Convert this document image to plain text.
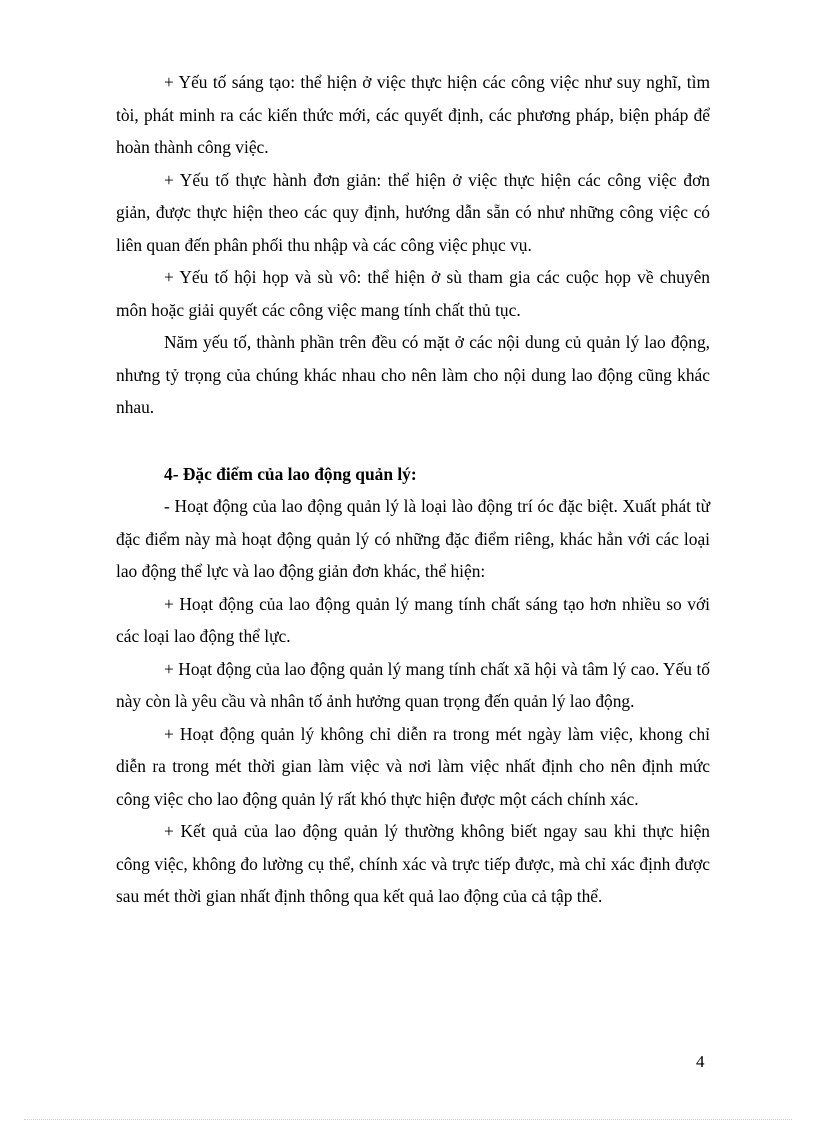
+ Yếu tố sáng tạo: thể hiện ở việc thực hiện các công việc như suy nghĩ, tìm tòi, phát minh ra các kiến thức mới, các quyết định, các phương pháp, biện pháp để hoàn thành công việc.

+ Yếu tố thực hành đơn giản: thể hiện ở việc thực hiện các công việc đơn giản, được thực hiện theo các quy định, hướng dẫn sẵn có như những công việc có liên quan đến phân phối thu nhập và các công việc phục vụ.

+ Yếu tố hội họp và sù vô: thể hiện ở sù tham gia các cuộc họp về chuyên môn hoặc giải quyết các công việc mang tính chất thủ tục.

Năm yếu tố, thành phần trên đều có mặt ở các nội dung củ quản lý lao động, nhưng tỷ trọng của chúng khác nhau cho nên làm cho nội dung lao động cũng khác nhau.

4- Đặc điểm của lao động quản lý:

- Hoạt động của lao động quản lý là loại lào động trí óc đặc biệt. Xuất phát từ đặc điểm này mà hoạt động quản lý có những đặc điểm riêng, khác hẳn với các loại lao động thể lực và lao động giản đơn khác, thể hiện:

+ Hoạt động của lao động quản lý mang tính chất sáng tạo hơn nhiều so với các loại lao động thể lực.

+ Hoạt động của lao động quản lý mang tính chất xã hội và tâm lý cao. Yếu tố này còn là yêu cầu và nhân tố ảnh hưởng quan trọng đến quản lý lao động.

+ Hoạt động quản lý không chỉ diễn ra trong mét ngày làm việc, khong chỉ diễn ra trong mét thời gian làm việc và nơi làm việc nhất định cho nên định mức công việc cho lao động quản lý rất khó thực hiện được một cách chính xác.

+ Kết quả của lao động quản lý thường không biết ngay sau khi thực hiện công việc, không đo lường cụ thể, chính xác và trực tiếp được, mà chỉ xác định được sau mét thời gian nhất định thông qua kết quả lao động của cả tập thể.

4
